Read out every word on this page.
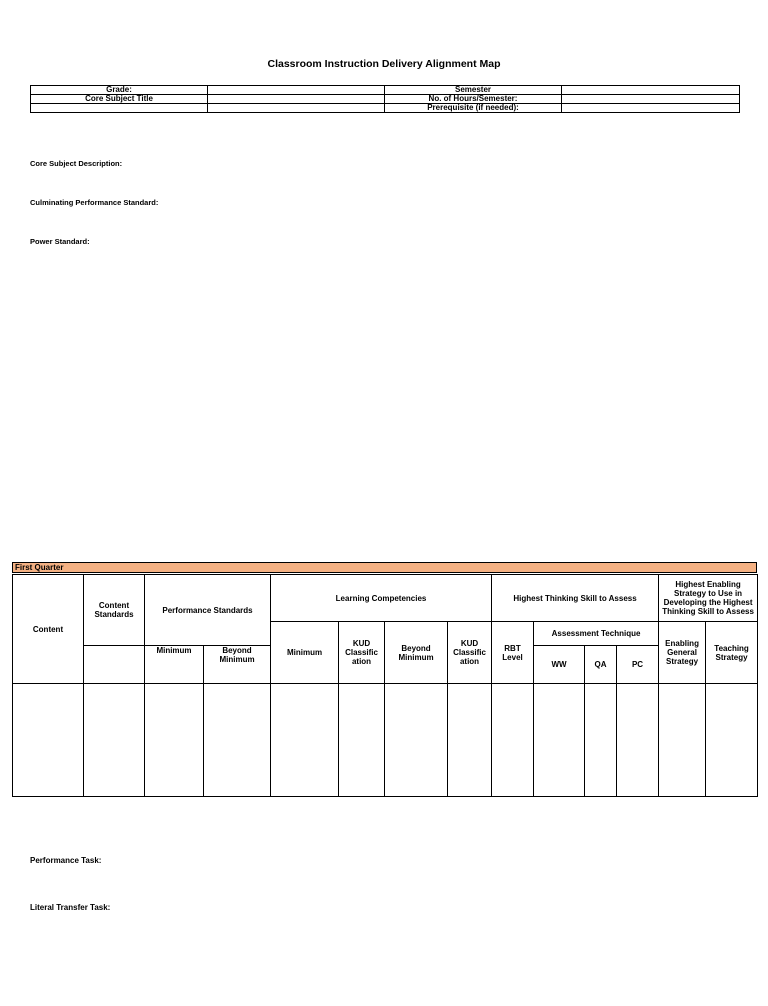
Classroom Instruction Delivery Alignment Map
Grade:		Semester	
Core Subject Title		No. of Hours/Semester:	
		Prerequisite (if needed):	
Core Subject Description:
Culminating Performance Standard:
Power Standard:
First Quarter
Content	Content Standards	Performance Standards		Learning Competencies				Highest Thinking Skill to Assess				Highest Enabling Strategy to Use in Developing the Highest Thinking Skill to Assess	
				Minimum	KUD Classific ation	Beyond Minimum	KUD Classific ation	RBT Level	Assessment Technique			Enabling General Strategy	Teaching Strategy
		Minimum	Beyond Minimum						WW	QA	PC		

Performance Task:
Literal Transfer Task:
